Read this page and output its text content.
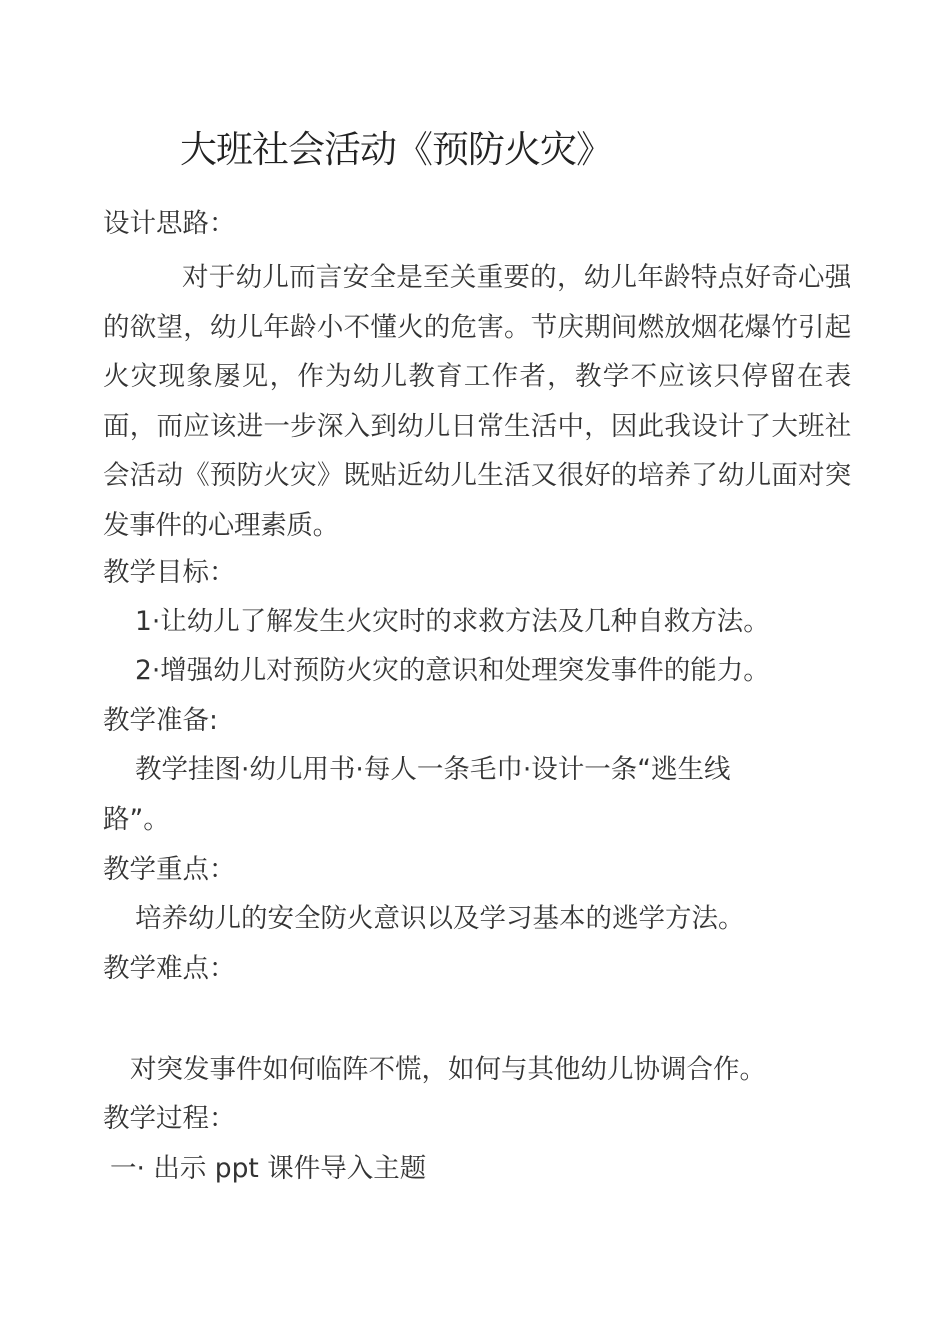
大班社会活动《预防火灾》
设计思路：
对于幼儿而言安全是至关重要的，幼儿年龄特点好奇心强的欲望，幼儿年龄小不懂火的危害。节庆期间燃放烟花爆竹引起火灾现象屡见，作为幼儿教育工作者，教学不应该只停留在表面，而应该进一步深入到幼儿日常生活中，因此我设计了大班社会活动《预防火灾》既贴近幼儿生活又很好的培养了幼儿面对突发事件的心理素质。
教学目标：
1·让幼儿了解发生火灾时的求救方法及几种自救方法。
2·增强幼儿对预防火灾的意识和处理突发事件的能力。
教学准备:
教学挂图·幼儿用书·每人一条毛巾·设计一条“逃生线
路”。
教学重点：
培养幼儿的安全防火意识以及学习基本的逃学方法。
教学难点：
对突发事件如何临阵不慌，如何与其他幼儿协调合作。
教学过程：
一· 出示 ppt 课件导入主题
